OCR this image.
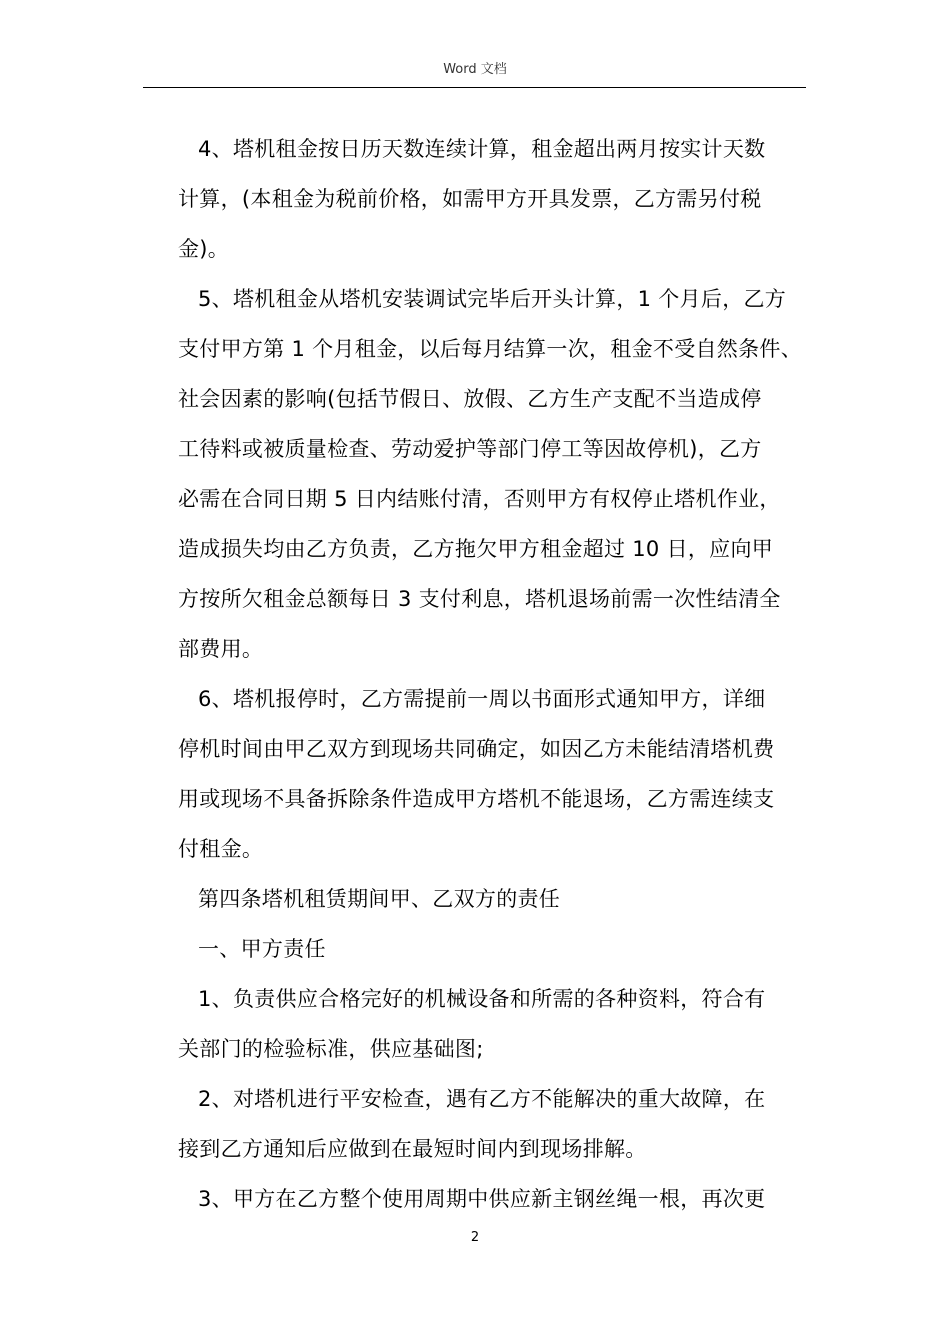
Word 文档
4、塔机租金按日历天数连续计算，租金超出两月按实计天数
计算，(本租金为税前价格，如需甲方开具发票，乙方需另付税
金)。
5、塔机租金从塔机安装调试完毕后开头计算，1 个月后，乙方
支付甲方第 1 个月租金，以后每月结算一次，租金不受自然条件、
社会因素的影响(包括节假日、放假、乙方生产支配不当造成停
工待料或被质量检查、劳动爱护等部门停工等因故停机)，乙方
必需在合同日期 5 日内结账付清，否则甲方有权停止塔机作业，
造成损失均由乙方负责，乙方拖欠甲方租金超过 10 日，应向甲
方按所欠租金总额每日 3 支付利息，塔机退场前需一次性结清全
部费用。
6、塔机报停时，乙方需提前一周以书面形式通知甲方，详细
停机时间由甲乙双方到现场共同确定，如因乙方未能结清塔机费
用或现场不具备拆除条件造成甲方塔机不能退场，乙方需连续支
付租金。
第四条塔机租赁期间甲、乙双方的责任
一、甲方责任
1、负责供应合格完好的机械设备和所需的各种资料，符合有
关部门的检验标准，供应基础图;
2、对塔机进行平安检查，遇有乙方不能解决的重大故障，在
接到乙方通知后应做到在最短时间内到现场排解。
3、甲方在乙方整个使用周期中供应新主钢丝绳一根，再次更
2
